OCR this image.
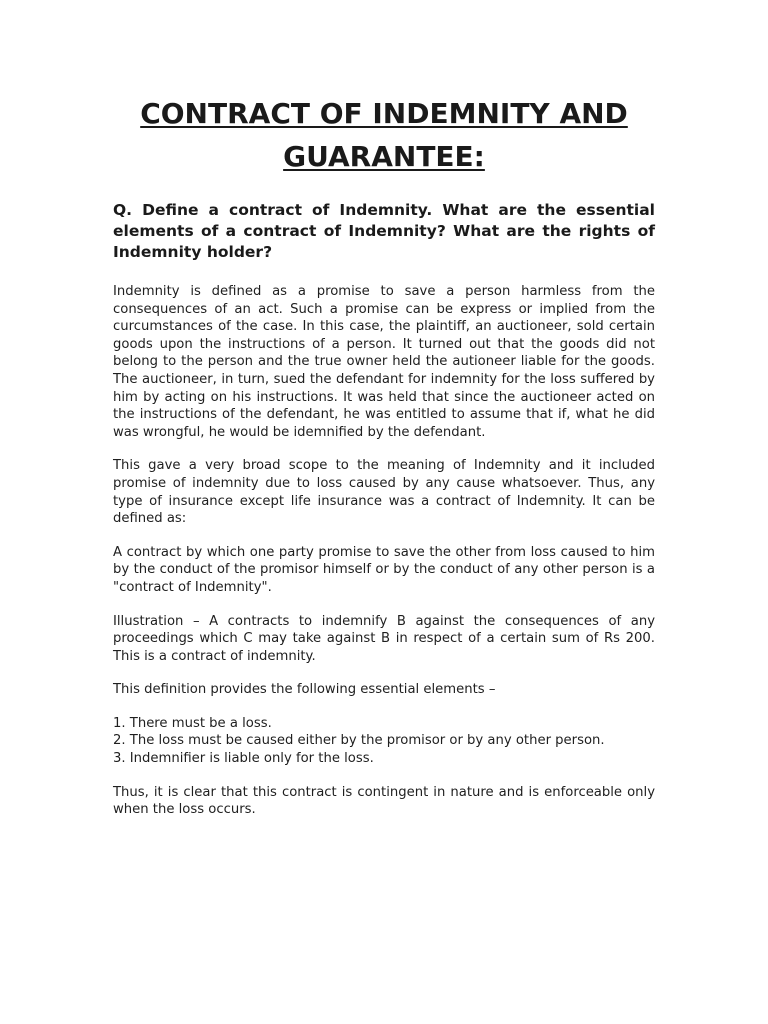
CONTRACT OF INDEMNITY AND GUARANTEE:

Q. Define a contract of Indemnity. What are the essential elements of a contract of Indemnity? What are the rights of Indemnity holder?

Indemnity is defined as a promise to save a person harmless from the consequences of an act. Such a promise can be express or implied from the curcumstances of the case. In this case, the plaintiff, an auctioneer, sold certain goods upon the instructions of a person. It turned out that the goods did not belong to the person and the true owner held the autioneer liable for the goods. The auctioneer, in turn, sued the defendant for indemnity for the loss suffered by him by acting on his instructions. It was held that since the auctioneer acted on the instructions of the defendant, he was entitled to assume that if, what he did was wrongful, he would be idemnified by the defendant.

This gave a very broad scope to the meaning of Indemnity and it included promise of indemnity due to loss caused by any cause whatsoever. Thus, any type of insurance except life insurance was a contract of Indemnity. It can be defined as:

A contract by which one party promise to save the other from loss caused to him by the conduct of the promisor himself or by the conduct of any other person is a "contract of Indemnity".

Illustration – A contracts to indemnify B against the consequences of any proceedings which C may take against B in respect of a certain sum of Rs 200. This is a contract of indemnity.

This definition provides the following essential elements –

1. There must be a loss.
2. The loss must be caused either by the promisor or by any other person.
3. Indemnifier is liable only for the loss.

Thus, it is clear that this contract is contingent in nature and is enforceable only when the loss occurs.
